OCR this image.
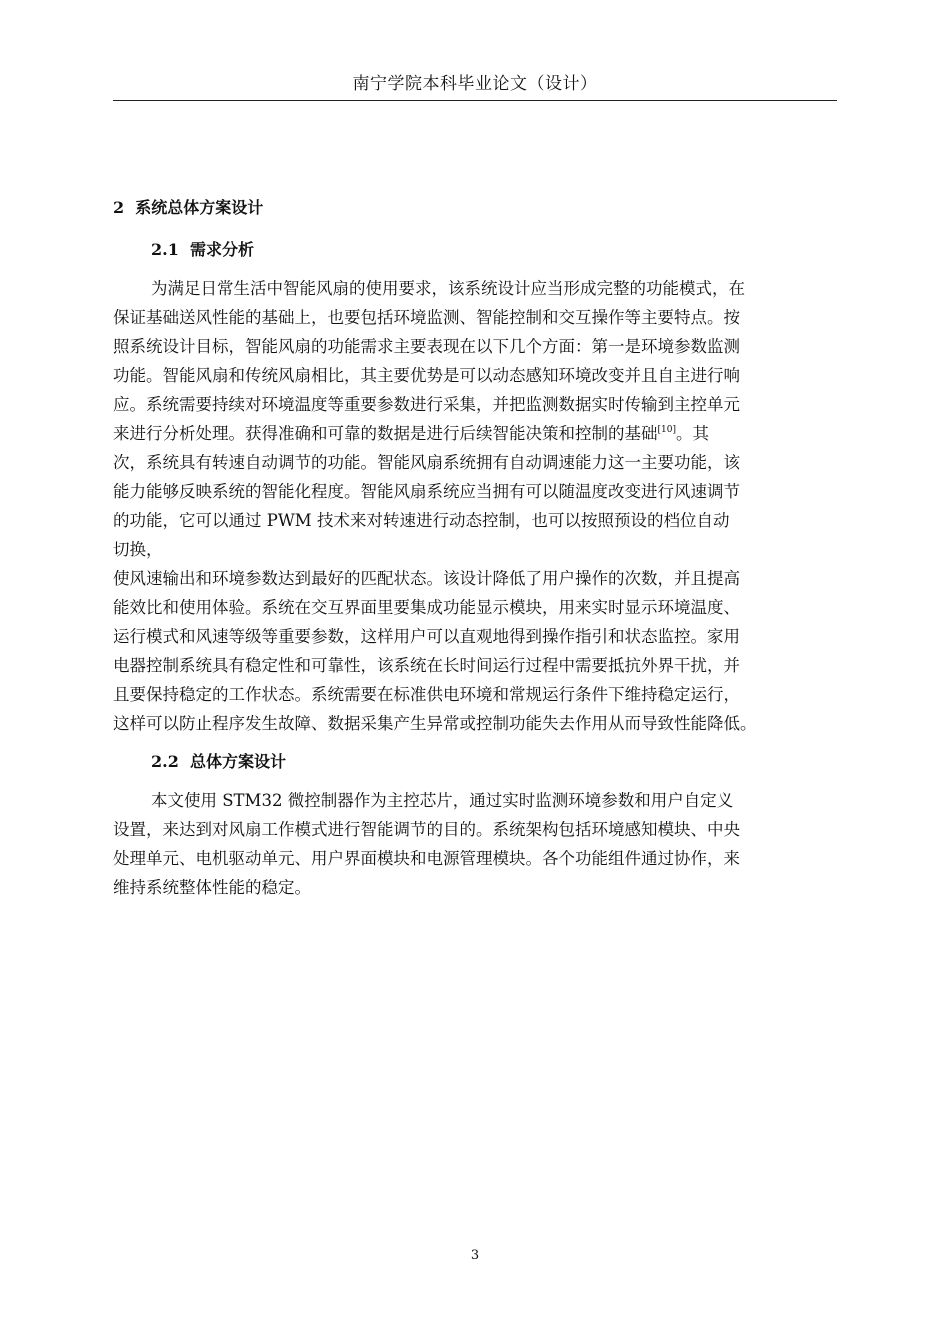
南宁学院本科毕业论文（设计）
2  系统总体方案设计
2.1  需求分析
为满足日常生活中智能风扇的使用要求，该系统设计应当形成完整的功能模式，在
保证基础送风性能的基础上，也要包括环境监测、智能控制和交互操作等主要特点。按
照系统设计目标，智能风扇的功能需求主要表现在以下几个方面：第一是环境参数监测
功能。智能风扇和传统风扇相比，其主要优势是可以动态感知环境改变并且自主进行响
应。系统需要持续对环境温度等重要参数进行采集，并把监测数据实时传输到主控单元
来进行分析处理。获得准确和可靠的数据是进行后续智能决策和控制的基础[10]。其
次，系统具有转速自动调节的功能。智能风扇系统拥有自动调速能力这一主要功能，该
能力能够反映系统的智能化程度。智能风扇系统应当拥有可以随温度改变进行风速调节
的功能，它可以通过 PWM 技术来对转速进行动态控制，也可以按照预设的档位自动
切换，
使风速输出和环境参数达到最好的匹配状态。该设计降低了用户操作的次数，并且提高
能效比和使用体验。系统在交互界面里要集成功能显示模块，用来实时显示环境温度、
运行模式和风速等级等重要参数，这样用户可以直观地得到操作指引和状态监控。家用
电器控制系统具有稳定性和可靠性，该系统在长时间运行过程中需要抵抗外界干扰，并
且要保持稳定的工作状态。系统需要在标准供电环境和常规运行条件下维持稳定运行，
这样可以防止程序发生故障、数据采集产生异常或控制功能失去作用从而导致性能降低。
2.2  总体方案设计
本文使用 STM32 微控制器作为主控芯片，通过实时监测环境参数和用户自定义
设置，来达到对风扇工作模式进行智能调节的目的。系统架构包括环境感知模块、中央
处理单元、电机驱动单元、用户界面模块和电源管理模块。各个功能组件通过协作，来
维持系统整体性能的稳定。
3
